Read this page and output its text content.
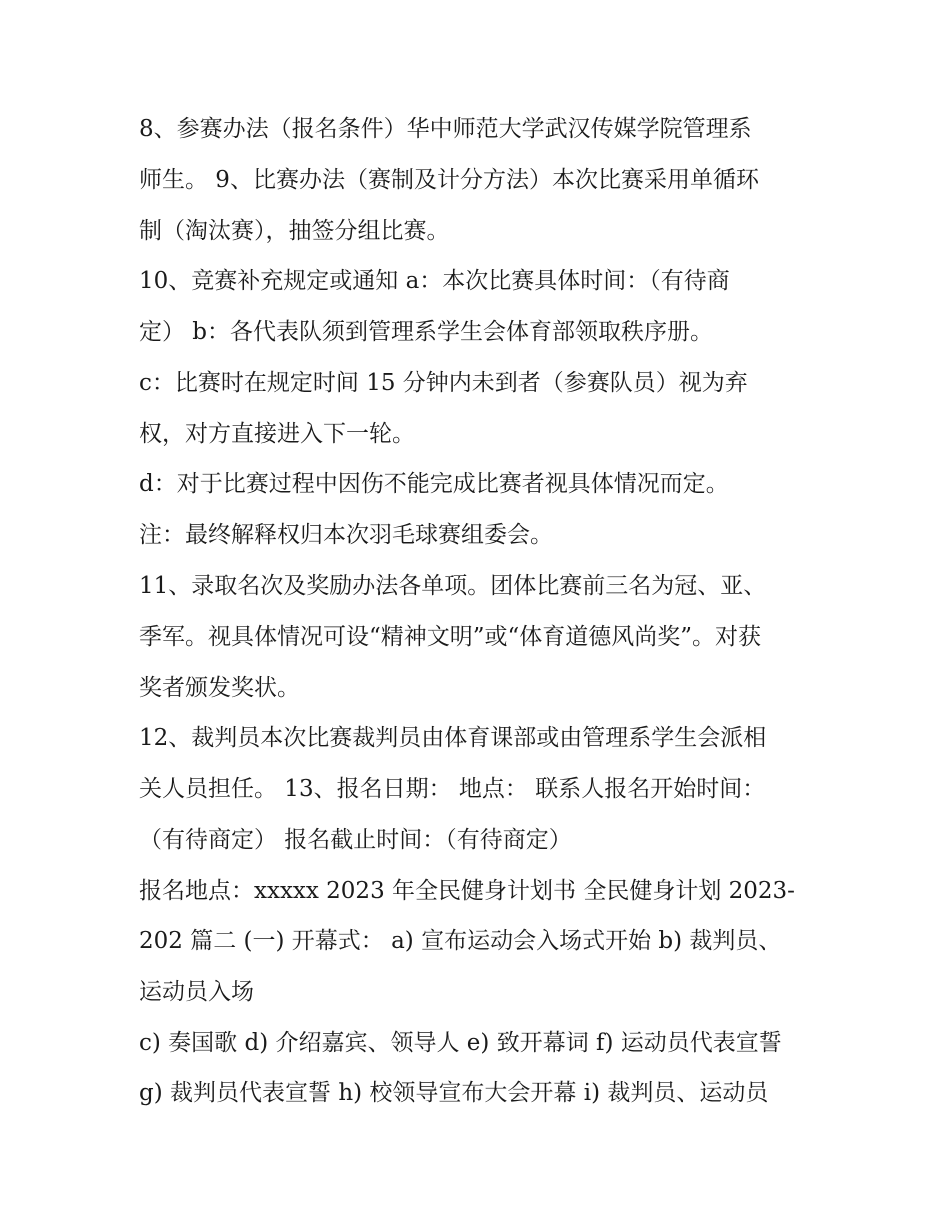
8、参赛办法（报名条件）华中师范大学武汉传媒学院管理系
师生。 9、比赛办法（赛制及计分方法）本次比赛采用单循环
制（淘汰赛），抽签分组比赛。
10、竞赛补充规定或通知 a：本次比赛具体时间：（有待商
定） b：各代表队须到管理系学生会体育部领取秩序册。
c：比赛时在规定时间 15 分钟内未到者（参赛队员）视为弃
权，对方直接进入下一轮。
d：对于比赛过程中因伤不能完成比赛者视具体情况而定。
注：最终解释权归本次羽毛球赛组委会。
11、录取名次及奖励办法各单项。团体比赛前三名为冠、亚、
季军。视具体情况可设“精神文明”或“体育道德风尚奖”。对获
奖者颁发奖状。
12、裁判员本次比赛裁判员由体育课部或由管理系学生会派相
关人员担任。 13、报名日期： 地点： 联系人报名开始时间：
（有待商定） 报名截止时间：（有待商定）
报名地点：xxxxx 2023 年全民健身计划书 全民健身计划 2023-
202 篇二 (一) 开幕式： a) 宣布运动会入场式开始 b) 裁判员、
运动员入场
c) 奏国歌 d) 介绍嘉宾、领导人 e) 致开幕词 f) 运动员代表宣誓
g) 裁判员代表宣誓 h) 校领导宣布大会开幕 i) 裁判员、运动员
